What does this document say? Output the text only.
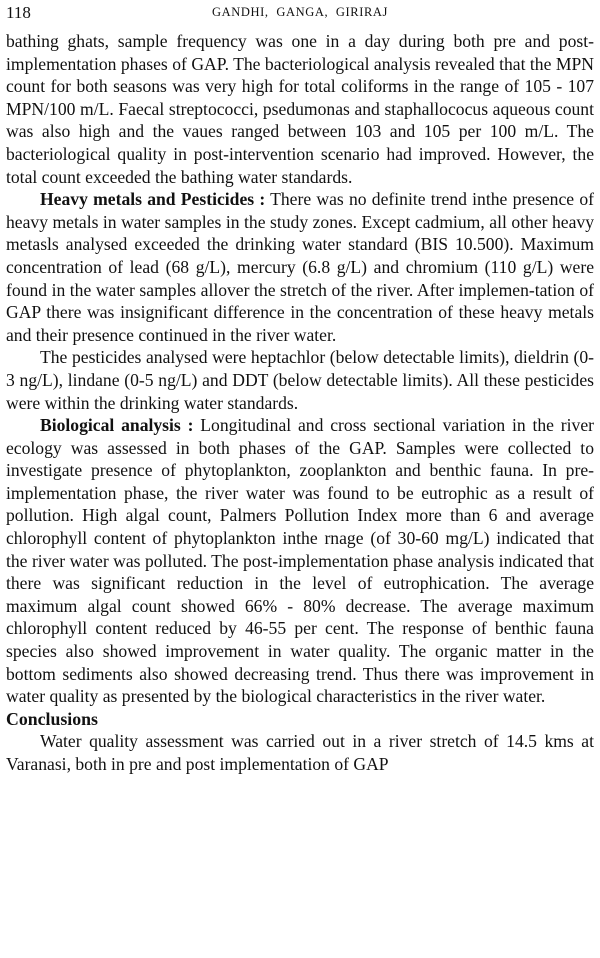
118	GANDHI, GANGA, GIRIRAJ

bathing ghats, sample frequency was one in a day during both pre and post-implementation phases of GAP. The bacteriological analysis revealed that the MPN count for both seasons was very high for total coliforms in the range of 105 - 107 MPN/100 m/L. Faecal streptococci, psedumonas and staphallococus aqueous count was also high and the vaues ranged between 103 and 105 per 100 m/L. The bacteriological quality in post-intervention scenario had improved. However, the total count exceeded the bathing water standards.

Heavy metals and Pesticides : There was no definite trend inthe presence of heavy metals in water samples in the study zones. Except cadmium, all other heavy metasls analysed exceeded the drinking water standard (BIS 10.500). Maximum concentration of lead (68 g/L), mercury (6.8 g/L) and chromium (110 g/L) were found in the water samples allover the stretch of the river. After implemen-tation of GAP there was insignificant difference in the concentration of these heavy metals and their presence continued in the river water.

The pesticides analysed were heptachlor (below detectable limits), dieldrin (0-3 ng/L), lindane (0-5 ng/L) and DDT (below detectable limits). All these pesticides were within the drinking water standards.

Biological analysis : Longitudinal and cross sectional variation in the river ecology was assessed in both phases of the GAP. Samples were collected to investigate presence of phytoplankton, zooplankton and benthic fauna. In pre-implementation phase, the river water was found to be eutrophic as a result of pollution. High algal count, Palmers Pollution Index more than 6 and average chlorophyll content of phytoplankton inthe rnage (of 30-60 mg/L) indicated that the river water was polluted. The post-implementation phase analysis indicated that there was significant reduction in the level of eutrophication. The average maximum algal count showed 66% - 80% decrease. The average maximum chlorophyll content reduced by 46-55 per cent. The response of benthic fauna species also showed improvement in water quality. The organic matter in the bottom sediments also showed decreasing trend. Thus there was improvement in water quality as presented by the biological characteristics in the river water.

Conclusions

Water quality assessment was carried out in a river stretch of 14.5 kms at Varanasi, both in pre and post implementation of GAP
